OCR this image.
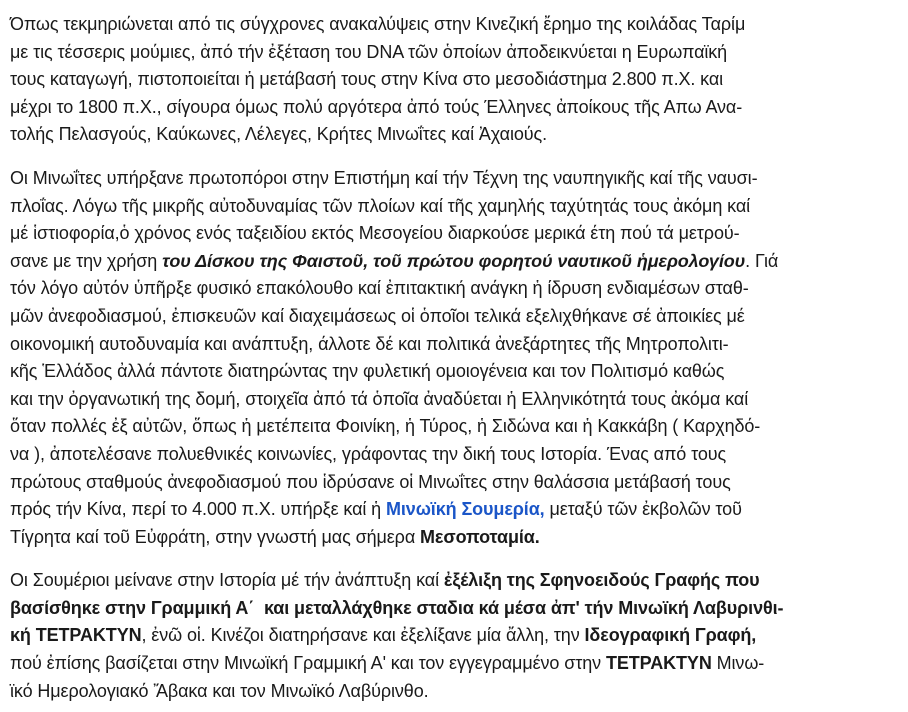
Όπως τεκμηριώνεται από τις σύγχρονες ανακαλύψεις στην Κινεζική ἔρημο της κοιλάδας Ταρίμ
με τις τέσσερις μούμιες, ἀπό τήν ἐξέταση του DNA τῶν ὁποίων ἀποδεικνύεται η Ευρωπαϊκή
τους καταγωγή, πιστοποιείται ἡ μετάβασή τους στην Κίνα στο μεσοδιάστημα 2.800 π.Χ. και
μέχρι το 1800 π.Χ., σίγουρα όμως πολύ αργότερα ἀπό τούς Έλληνες ἀποίκους τῆς Απω Ανα-
τολής Πελασγούς, Καύκωνες, Λέλεγες, Κρήτες Μινωΐτες καί Ἀχαιούς.

Οι Μινωΐτες υπήρξανε πρωτοπόροι στην Επιστήμη καί τήν Τέχνη της ναυπηγικῆς καί τῆς ναυσι-
πλοΐας. Λόγω τῆς μικρῆς αὐτοδυναμίας τῶν πλοίων καί τῆς χαμηλής ταχύτητάς τους ἀκόμη καί
μέ ἱστιοφορία,ὁ χρόνος ενός ταξειδίου εκτός Μεσογείου διαρκούσε μερικά έτη πού τά μετρού-
σανε με την χρήση του Δίσκου της Φαιστοῦ, τοῦ πρώτου φορητού ναυτικοῦ ἡμερολογίου. Γιά
τόν λόγο αὐτόν ὑπῆρξε φυσικό επακόλουθο καί ἐπιτακτική ανάγκη ἡ ίδρυση ενδιαμέσων σταθ-
μῶν ἀνεφοδιασμού, ἐπισκευῶν καί διαχειμάσεως οἱ ὁποῖοι τελικά εξελιχθήκανε σέ ἀποικίες μέ
οικονομική αυτοδυναμία και ανάπτυξη, άλλοτε δέ και πολιτικά ἀνεξάρτητες τῆς Μητροπολιτι-
κῆς Ἑλλάδος ἀλλά πάντοτε διατηρώντας την φυλετική ομοιογένεια και τον Πολιτισμό καθώς
και την ὀργανωτική της δομή, στοιχεῖα ἀπό τά ὁποῖα ἀναδύεται ἡ Ελληνικότητά τους ἀκόμα καί
ὅταν πολλές ἐξ αὐτῶν, ὅπως ἡ μετέπειτα Φοινίκη, ἡ Τύρος, ἡ Σιδώνα και ἡ Κακκάβη ( Καρχηδό-
να ), ἀποτελέσανε πολυεθνικές κοινωνίες, γράφοντας την δική τους Ιστορία. Ένας από τους
πρώτους σταθμούς ἀνεφοδιασμού που ἱδρύσανε οἱ Μινωΐτες στην θαλάσσια μετάβασή τους
πρός τήν Κίνα, περί το 4.000 π.Χ. υπήρξε καί ἡ Μινωϊκή Σουμερία, μεταξύ τῶν ἐκβολῶν τοῦ
Τίγρητα καί τοῦ Εὐφράτη, στην γνωστή μας σήμερα Μεσοποταμία.

Οι Σουμέριοι μείνανε στην Ιστορία μέ τήν ἀνάπτυξη καί ἐξέλιξη της Σφηνοειδούς Γραφής που
βασίσθηκε στην Γραμμική Α΄  και μεταλλάχθηκε σταδια κά μέσα ἀπ' τήν Μινωϊκή Λαβυρινθι-
κή ΤΕΤΡΑΚΤΥΝ, ἐνῶ οἱ. Κινέζοι διατηρήσανε και ἐξελίξανε μία ἄλλη, την Ιδεογραφική Γραφή,
πού ἐπίσης βασίζεται στην Μινωϊκή Γραμμική Α' και τον εγγεγραμμένο στην ΤΕΤΡΑΚΤΥΝ Μινω-
ϊκό Ημερολογιακό Ἄβακα και τον Μινωϊκό Λαβύρινθο.
